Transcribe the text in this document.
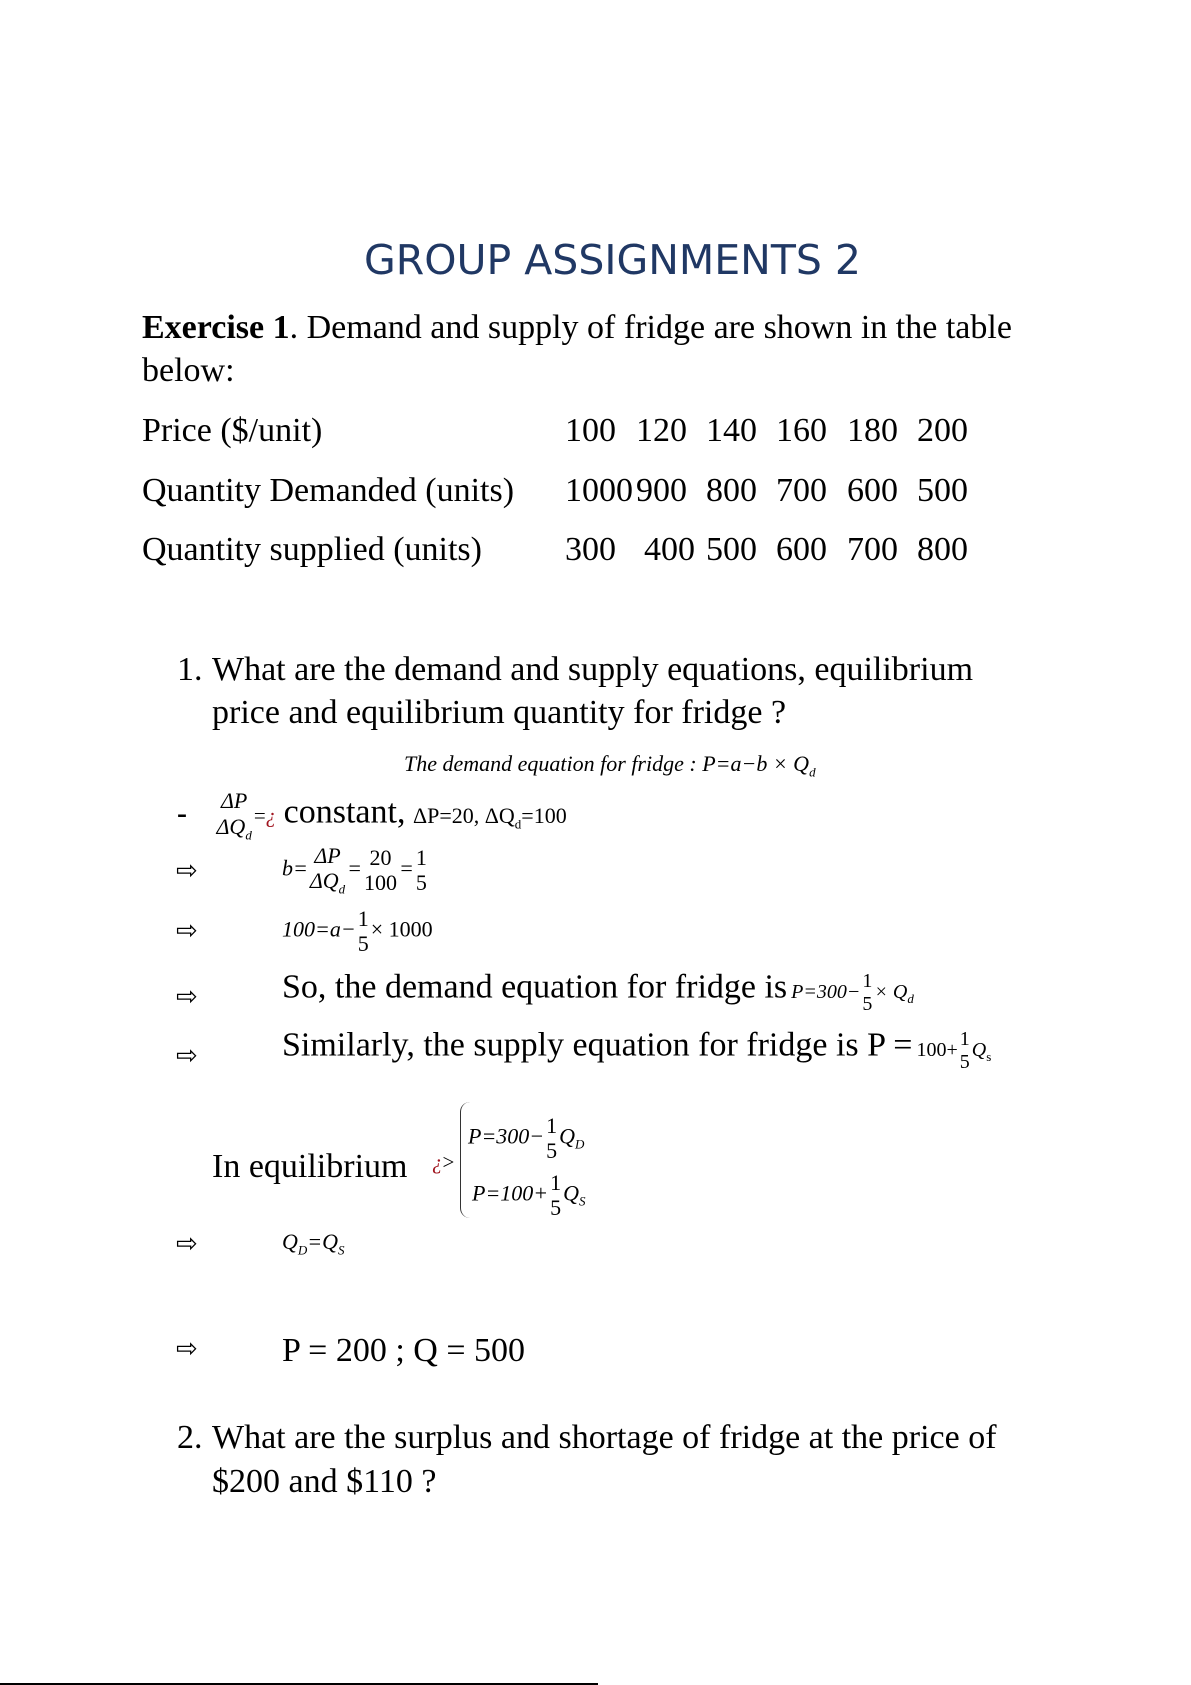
GROUP ASSIGNMENTS 2
Exercise 1. Demand and supply of fridge are shown in the table
below:
Price ($/unit)	100 120 140 160 180 200
Quantity Demanded (units) 1000 900 800 700 600 500
Quantity supplied (units) 300 400 500 600 700 800
1. What are the demand and supply equations, equilibrium
price and equilibrium quantity for fridge ?
The demand equation for fridge : $P=a-b \times Q_d$
- ΔP
$\Delta Q_d$
=¿ constant, ΔP=20, $\Delta Q_d=100$
⇨	b= ΔP
$\Delta Q_d$
= 20
100
= 1
5
⇨	100=a− 1
5
× 1000
⇨ So, the demand equation for fridge is P=300− 1
5
× $Q_d$
⇨ Similarly, the supply equation for fridge is P = 100+ 1
5
$Q_s$
In equilibrium ¿>
P=300− 1
5
$Q_D$
P=100+ 1
5
$Q_S$
⇨	$Q_D=Q_S$
⇨ P = 200 ; Q = 500
2. What are the surplus and shortage of fridge at the price of
$200 and $110 ?
